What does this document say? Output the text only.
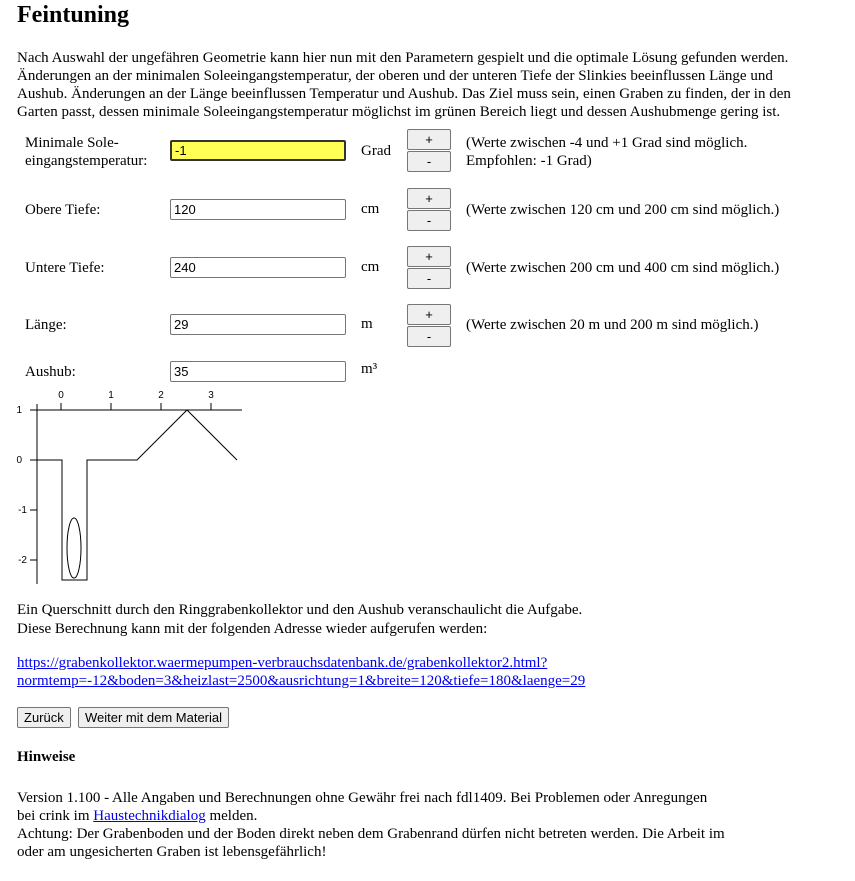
Feintuning
Nach Auswahl der ungefähren Geometrie kann hier nun mit den Parametern gespielt und die optimale Lösung gefunden werden.
Änderungen an der minimalen Soleeingangstemperatur, der oberen und der unteren Tiefe der Slinkies beeinflussen Länge und
Aushub. Änderungen an der Länge beeinflussen Temperatur und Aushub. Das Ziel muss sein, einen Graben zu finden, der in den
Garten passt, dessen minimale Soleeingangstemperatur möglichst im grünen Bereich liegt und dessen Aushubmenge gering ist.
Minimale Sole-
eingangstemperatur:
-1
Grad
+
-
(Werte zwischen -4 und +1 Grad sind möglich.
Empfohlen: -1 Grad)
Obere Tiefe:
120	cm
+
-
(Werte zwischen 120 cm und 200 cm sind möglich.)
Untere Tiefe:
240	cm
+
-
(Werte zwischen 200 cm und 400 cm sind möglich.)
Länge:
29	m
+
-
(Werte zwischen 20 m und 200 m sind möglich.)
Aushub:
35	m³
0	1	2	3
1
0
-1
-2
Ein Querschnitt durch den Ringgrabenkollektor und den Aushub veranschaulicht die Aufgabe.
Diese Berechnung kann mit der folgenden Adresse wieder aufgerufen werden:
https://grabenkollektor.waermepumpen-verbrauchsdatenbank.de/grabenkollektor2.html?
normtemp=-12&boden=3&heizlast=2500&ausrichtung=1&breite=120&tiefe=180&laenge=29
Zurück	Weiter mit dem Material
Hinweise
Version 1.100 - Alle Angaben und Berechnungen ohne Gewähr frei nach fdl1409. Bei Problemen oder Anregungen
bei crink im Haustechnikdialog melden.
Achtung: Der Grabenboden und der Boden direkt neben dem Grabenrand dürfen nicht betreten werden. Die Arbeit im
oder am ungesicherten Graben ist lebensgefährlich!
